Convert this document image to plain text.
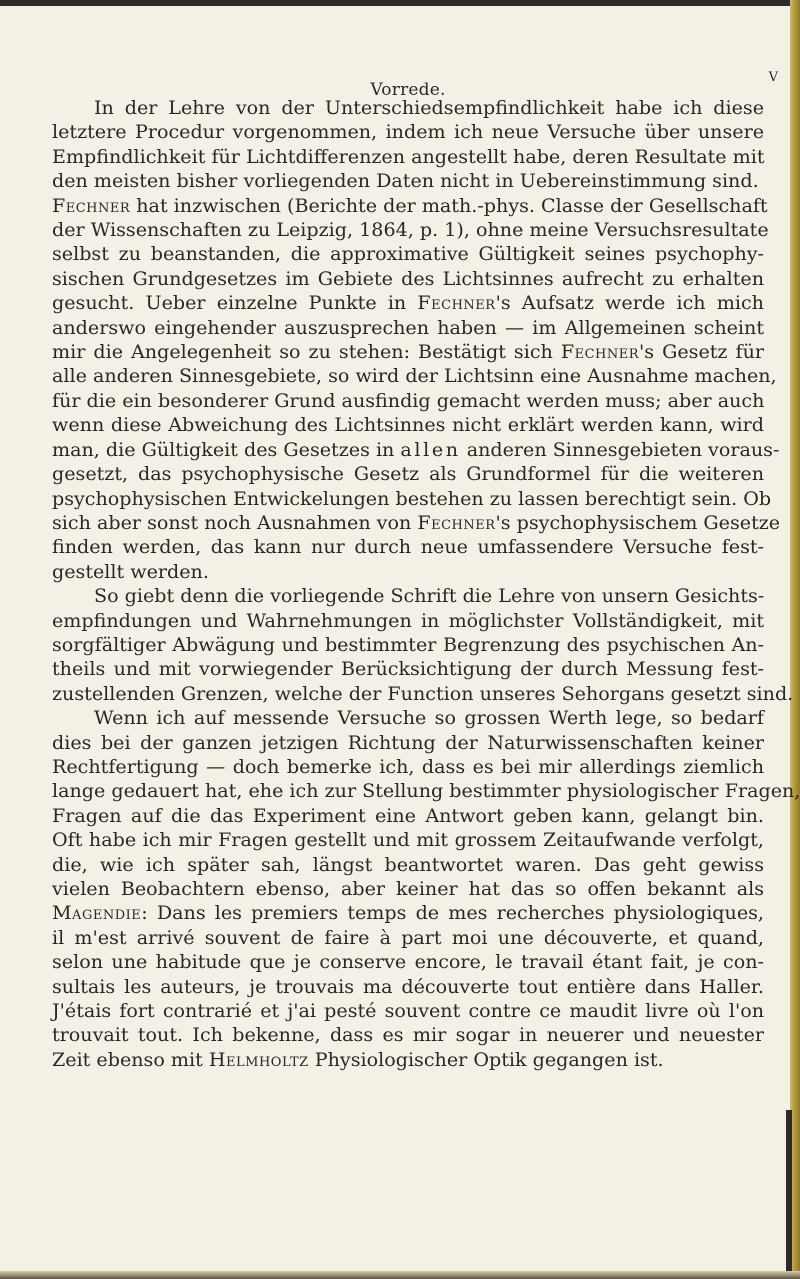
Vorrede.
V
In der Lehre von der Unterschiedsempfindlichkeit habe ich diese
letztere Procedur vorgenommen, indem ich neue Versuche über unsere
Empfindlichkeit für Lichtdifferenzen angestellt habe, deren Resultate mit
den meisten bisher vorliegenden Daten nicht in Uebereinstimmung sind.
Fechner hat inzwischen (Berichte der math.-phys. Classe der Gesellschaft
der Wissenschaften zu Leipzig, 1864, p. 1), ohne meine Versuchsresultate
selbst zu beanstanden, die approximative Gültigkeit seines psychophy-
sischen Grundgesetzes im Gebiete des Lichtsinnes aufrecht zu erhalten
gesucht. Ueber einzelne Punkte in Fechner's Aufsatz werde ich mich
anderswo eingehender auszusprechen haben — im Allgemeinen scheint
mir die Angelegenheit so zu stehen: Bestätigt sich Fechner's Gesetz für
alle anderen Sinnesgebiete, so wird der Lichtsinn eine Ausnahme machen,
für die ein besonderer Grund ausfindig gemacht werden muss; aber auch
wenn diese Abweichung des Lichtsinnes nicht erklärt werden kann, wird
man, die Gültigkeit des Gesetzes in allen anderen Sinnesgebieten voraus-
gesetzt, das psychophysische Gesetz als Grundformel für die weiteren
psychophysischen Entwickelungen bestehen zu lassen berechtigt sein. Ob
sich aber sonst noch Ausnahmen von Fechner's psychophysischem Gesetze
finden werden, das kann nur durch neue umfassendere Versuche fest-
gestellt werden.
So giebt denn die vorliegende Schrift die Lehre von unsern Gesichts-
empfindungen und Wahrnehmungen in möglichster Vollständigkeit, mit
sorgfältiger Abwägung und bestimmter Begrenzung des psychischen An-
theils und mit vorwiegender Berücksichtigung der durch Messung fest-
zustellenden Grenzen, welche der Function unseres Sehorgans gesetzt sind.
Wenn ich auf messende Versuche so grossen Werth lege, so bedarf
dies bei der ganzen jetzigen Richtung der Naturwissenschaften keiner
Rechtfertigung — doch bemerke ich, dass es bei mir allerdings ziemlich
lange gedauert hat, ehe ich zur Stellung bestimmter physiologischer Fragen,
Fragen auf die das Experiment eine Antwort geben kann, gelangt bin.
Oft habe ich mir Fragen gestellt und mit grossem Zeitaufwande verfolgt,
die, wie ich später sah, längst beantwortet waren. Das geht gewiss
vielen Beobachtern ebenso, aber keiner hat das so offen bekannt als
Magendie: Dans les premiers temps de mes recherches physiologiques,
il m'est arrivé souvent de faire à part moi une découverte, et quand,
selon une habitude que je conserve encore, le travail étant fait, je con-
sultais les auteurs, je trouvais ma découverte tout entière dans Haller.
J'étais fort contrarié et j'ai pesté souvent contre ce maudit livre où l'on
trouvait tout. Ich bekenne, dass es mir sogar in neuerer und neuester
Zeit ebenso mit Helmholtz Physiologischer Optik gegangen ist.
